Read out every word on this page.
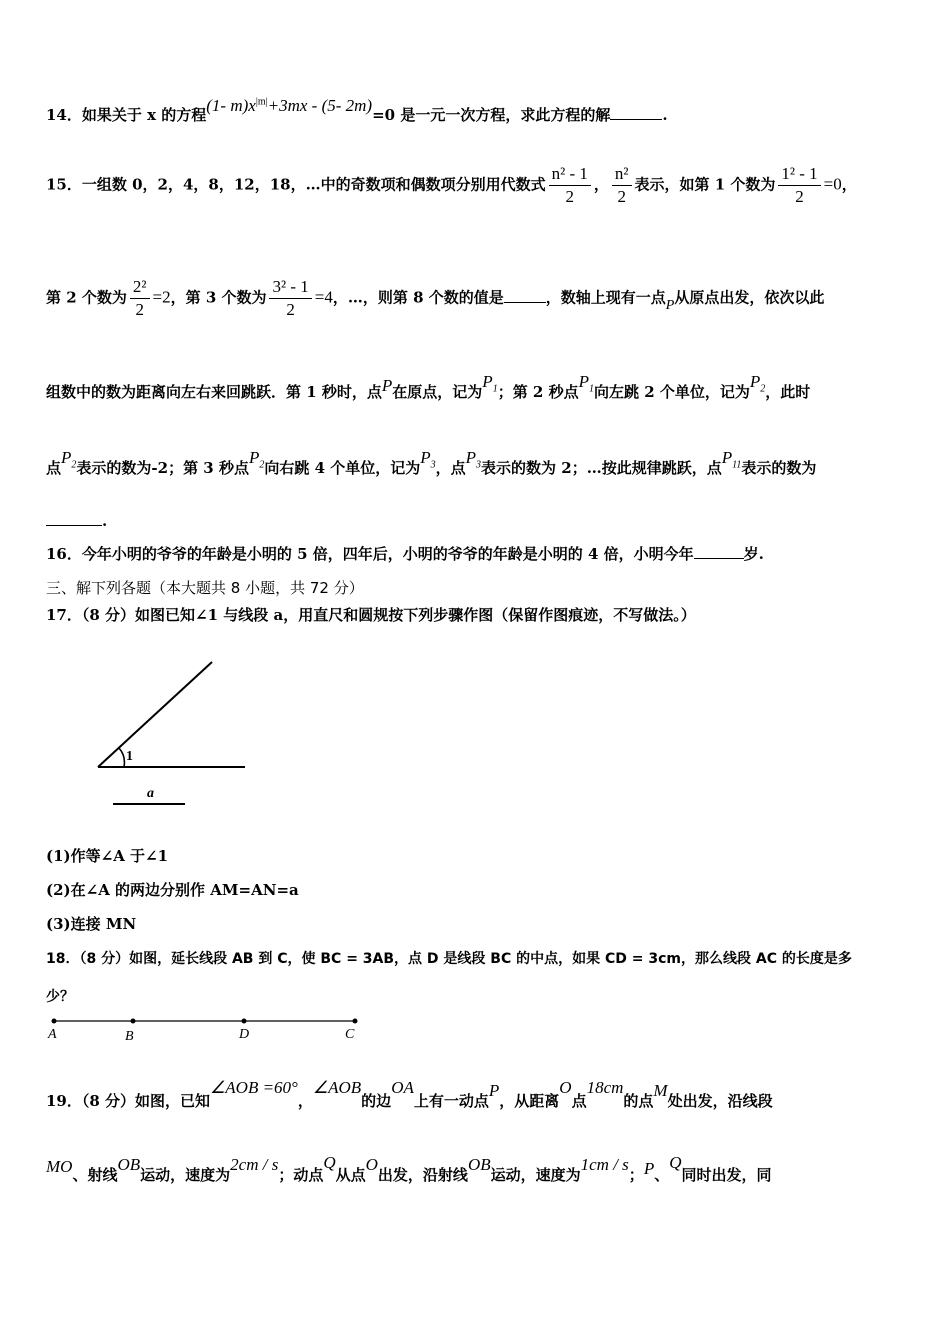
14．如果关于 x 的方程(1- $m)x^{|m|}+3mx - (5-$ 2m)=0 是一元一次方程，求此方程的解	.
15．一组数 0，2，4，8，12，18，…中的奇数项和偶数项分别用代数式 $\frac{\text{n² - 1}}{2}$ ， $\frac{\text{n²}}{2}$ 表示，如第 1 个数为 $\frac{\text{1² - 1}}{2} =0$，
第 2 个数为 $\frac{\text{2²}}{2} =2$，第 3 个数为 $\frac{\text{3² - 1}}{2} =4$，…，则第 8 个数的值是	，数轴上现有一点P从原点出发，依次以此
组数中的数为距离向左右来回跳跃．第 1 秒时，点P在原点，记为$P_1$；第 2 秒点$P_1$向左跳 2 个单位，记为$P_2$，此时
点$P_2$表示的数为-2；第 3 秒点$P_2$向右跳 4 个单位，记为$P_3$，点$P_3$表示的数为 2；…按此规律跳跃，点$P_{11}$表示的数为
.
16．今年小明的爷爷的年龄是小明的 5 倍，四年后，小明的爷爷的年龄是小明的 4 倍，小明今年	岁.
三、解下列各题（本大题共 8 小题，共 72 分）
17．（8 分）如图已知∠1 与线段 a，用直尺和圆规按下列步骤作图（保留作图痕迹，不写做法。）
1
a
(1)作等∠A 于∠1
(2)在∠A 的两边分别作 AM=AN=a
(3)连接 MN
18．（8 分）如图，延长线段 AB 到 C，使 BC = 3AB，点 D 是线段 BC 的中点，如果 CD = 3cm，那么线段 AC 的长度是多
少？
A	B	D	C
19．（8 分）如图，已知∠AOB =60°，∠AOB的边OA上有一动点P，从距离O点18cm的点M处出发，沿线段
MO、射线OB运动，速度为2cm / s；动点Q从点O出发，沿射线OB运动，速度为1cm / s；P、Q同时出发，同
